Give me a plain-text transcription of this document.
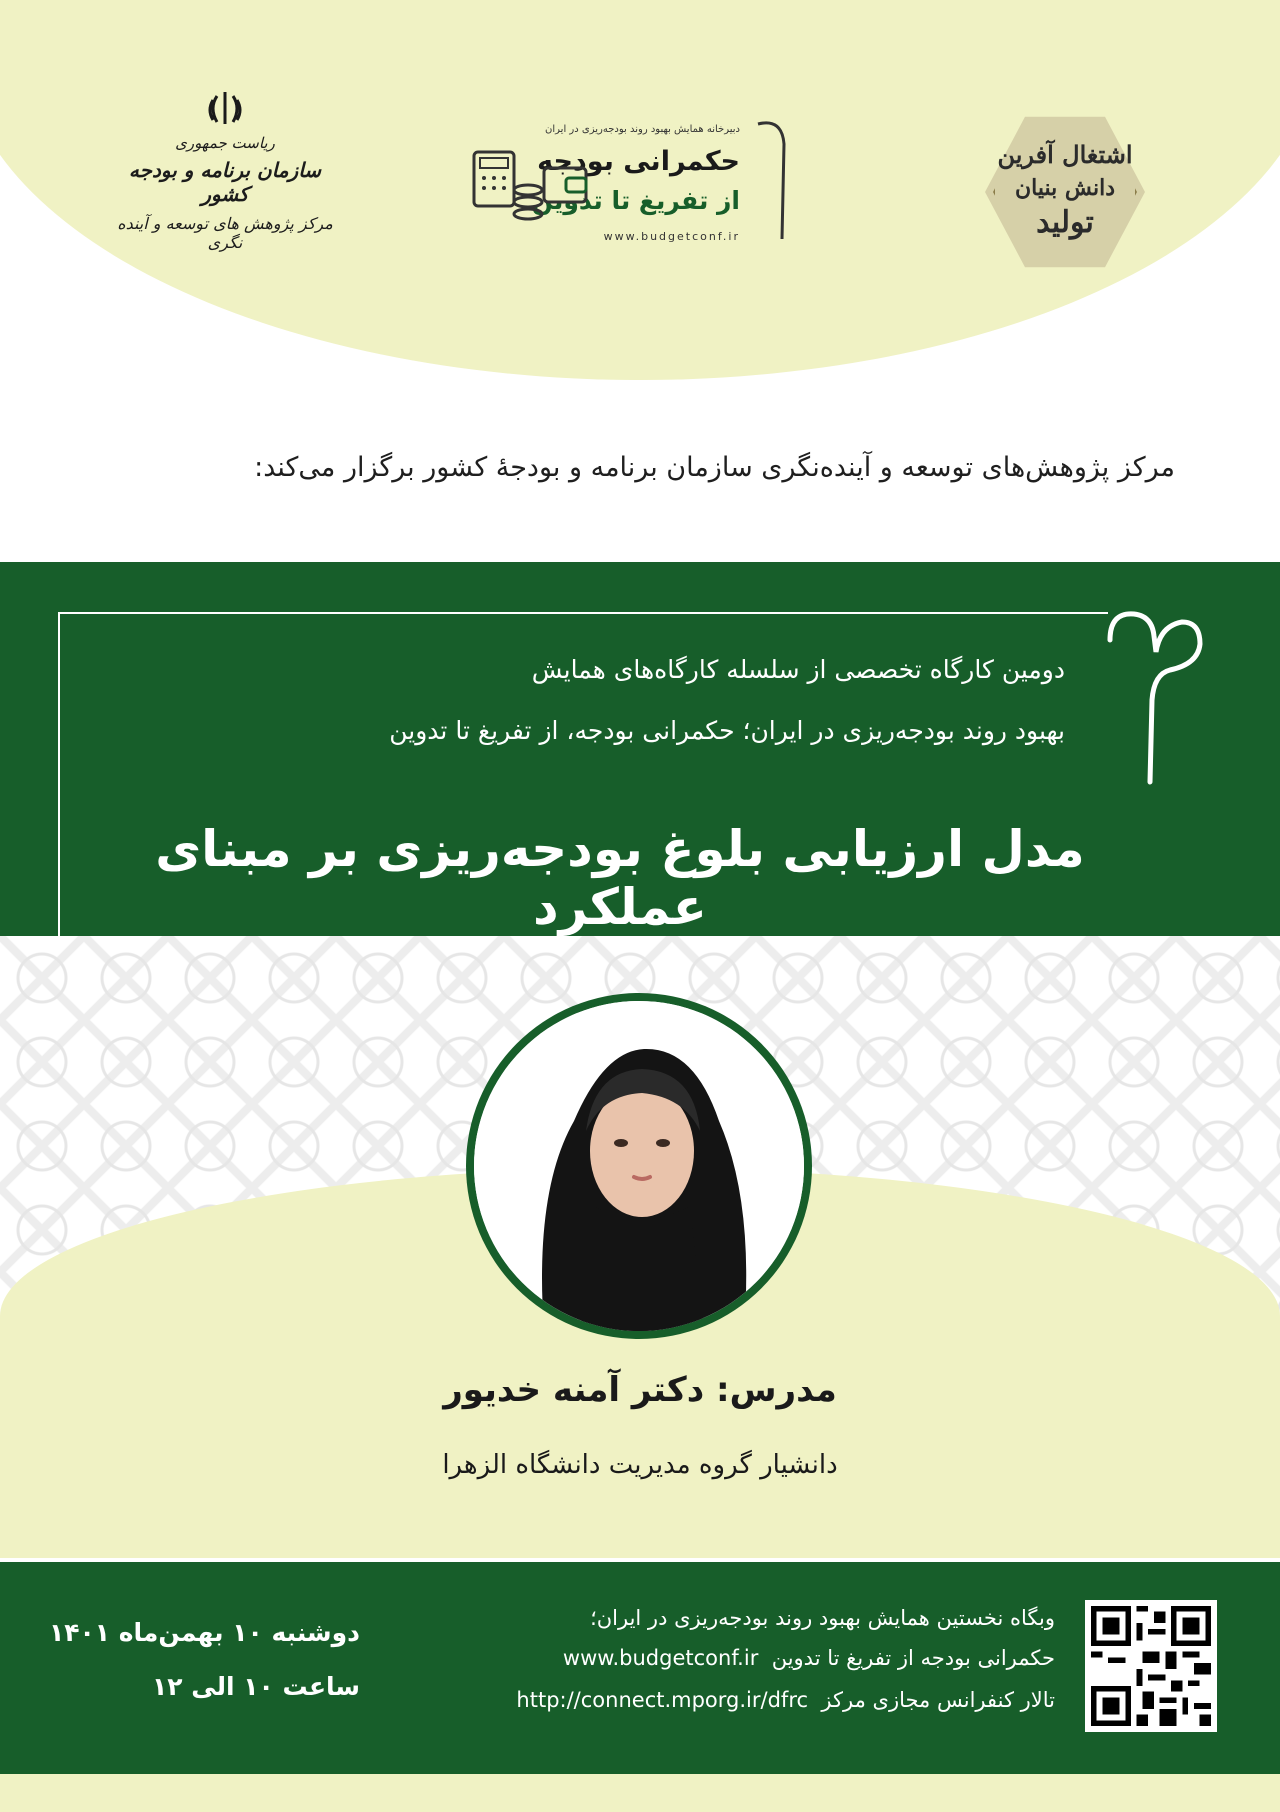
اشتغال آفرین
دانش بنیان
تولید
دبیرخانه همایش بهبود روند بودجه‌ریزی در ایران
حکمرانی بودجه
از تفریغ تا تدوین
www.budgetconf.ir
ریاست جمهوری
سازمان برنامه و بودجه کشور
مرکز پژوهش های توسعه و آینده نگری
مرکز پژوهش‌های توسعه و آینده‌نگری سازمان برنامه و بودجهٔ کشور برگزار می‌کند:
دومین کارگاه تخصصی از سلسله کارگاه‌های همایش
بهبود روند بودجه‌ریزی در ایران؛ حکمرانی بودجه، از تفریغ تا تدوین
مدل ارزیابی بلوغ بودجه‌ریزی بر مبنای عملکرد
مدرس: دکتر آمنه خدیور
دانشیار گروه مدیریت دانشگاه الزهرا
وبگاه نخستین همایش بهبود روند بودجه‌ریزی در ایران؛
حکمرانی بودجه از تفریغ تا تدوین  www.budgetconf.ir
تالار کنفرانس مجازی مرکز  http://connect.mporg.ir/dfrc
دوشنبه ۱۰ بهمن‌ماه ۱۴۰۱
ساعت ۱۰ الی ۱۲
